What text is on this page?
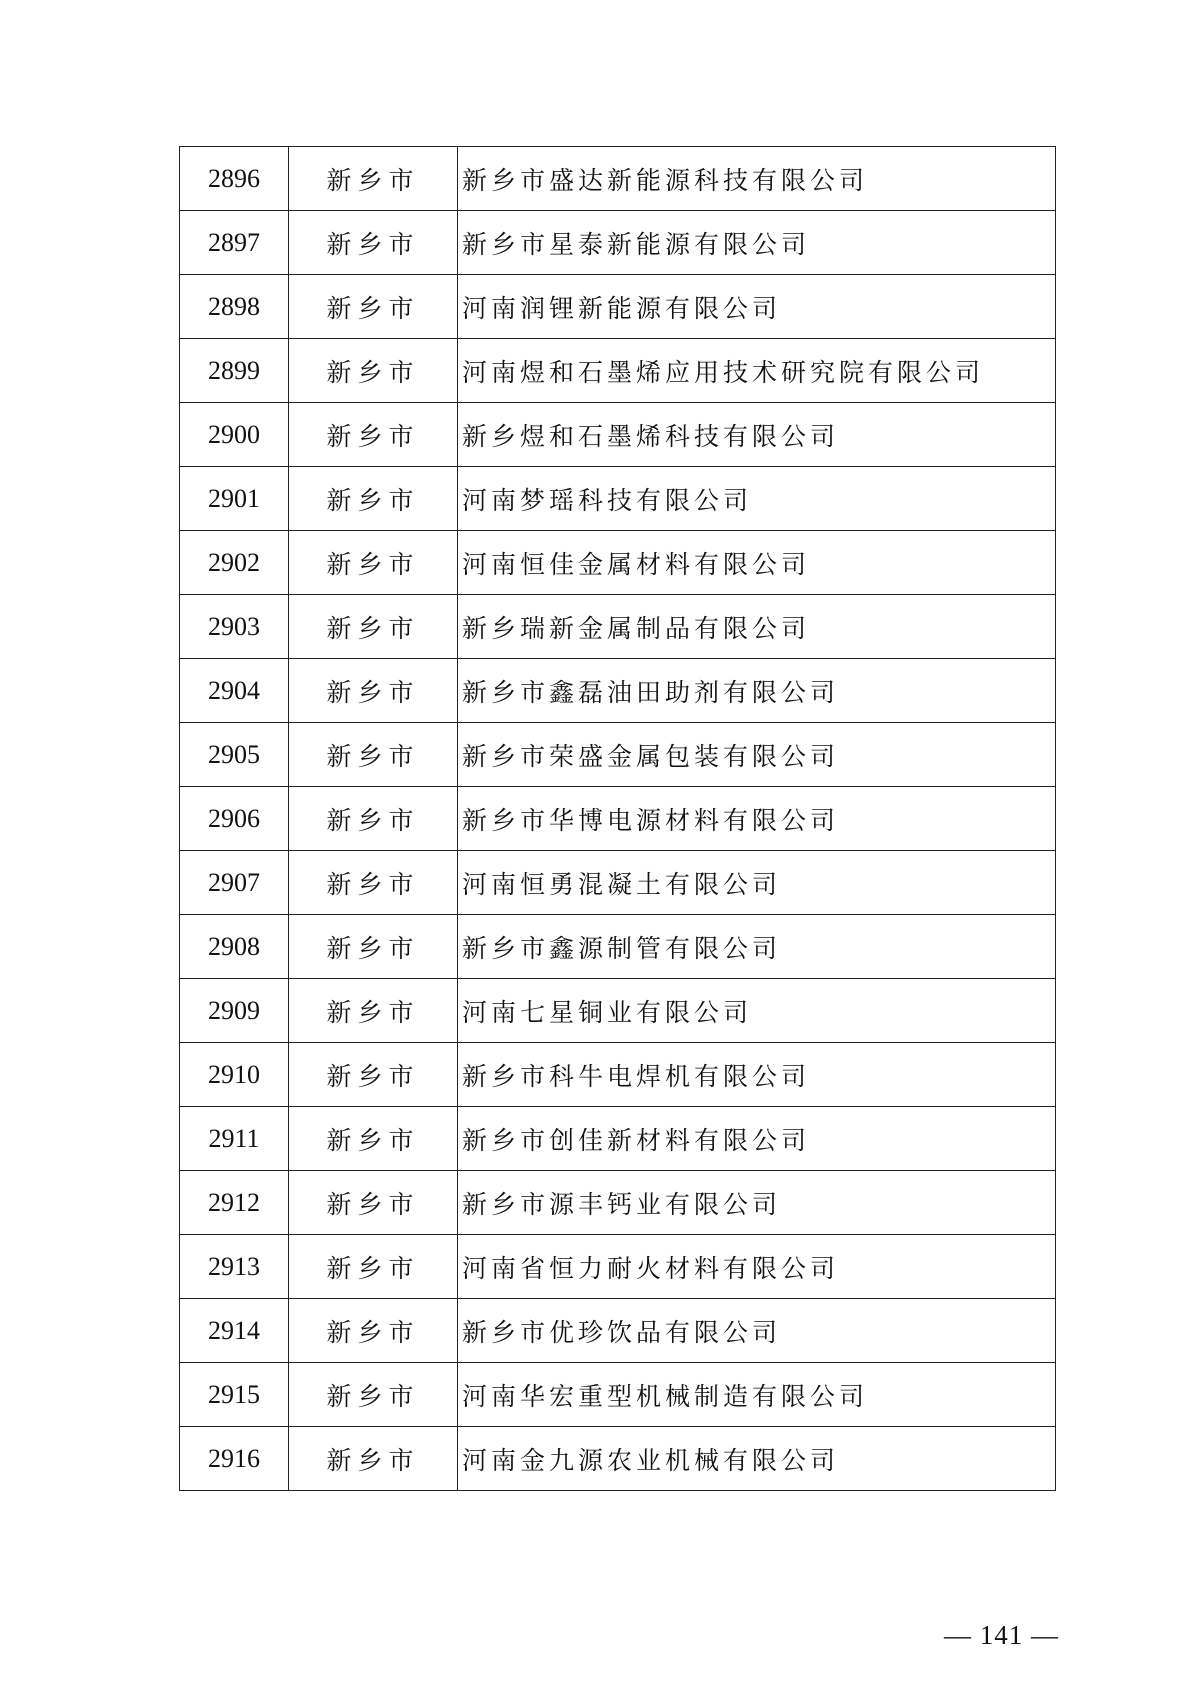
2896	新乡市	新乡市盛达新能源科技有限公司
2897	新乡市	新乡市星泰新能源有限公司
2898	新乡市	河南润锂新能源有限公司
2899	新乡市	河南煜和石墨烯应用技术研究院有限公司
2900	新乡市	新乡煜和石墨烯科技有限公司
2901	新乡市	河南梦瑶科技有限公司
2902	新乡市	河南恒佳金属材料有限公司
2903	新乡市	新乡瑞新金属制品有限公司
2904	新乡市	新乡市鑫磊油田助剂有限公司
2905	新乡市	新乡市荣盛金属包装有限公司
2906	新乡市	新乡市华博电源材料有限公司
2907	新乡市	河南恒勇混凝土有限公司
2908	新乡市	新乡市鑫源制管有限公司
2909	新乡市	河南七星铜业有限公司
2910	新乡市	新乡市科牛电焊机有限公司
2911	新乡市	新乡市创佳新材料有限公司
2912	新乡市	新乡市源丰钙业有限公司
2913	新乡市	河南省恒力耐火材料有限公司
2914	新乡市	新乡市优珍饮品有限公司
2915	新乡市	河南华宏重型机械制造有限公司
2916	新乡市	河南金九源农业机械有限公司
— 141 —
